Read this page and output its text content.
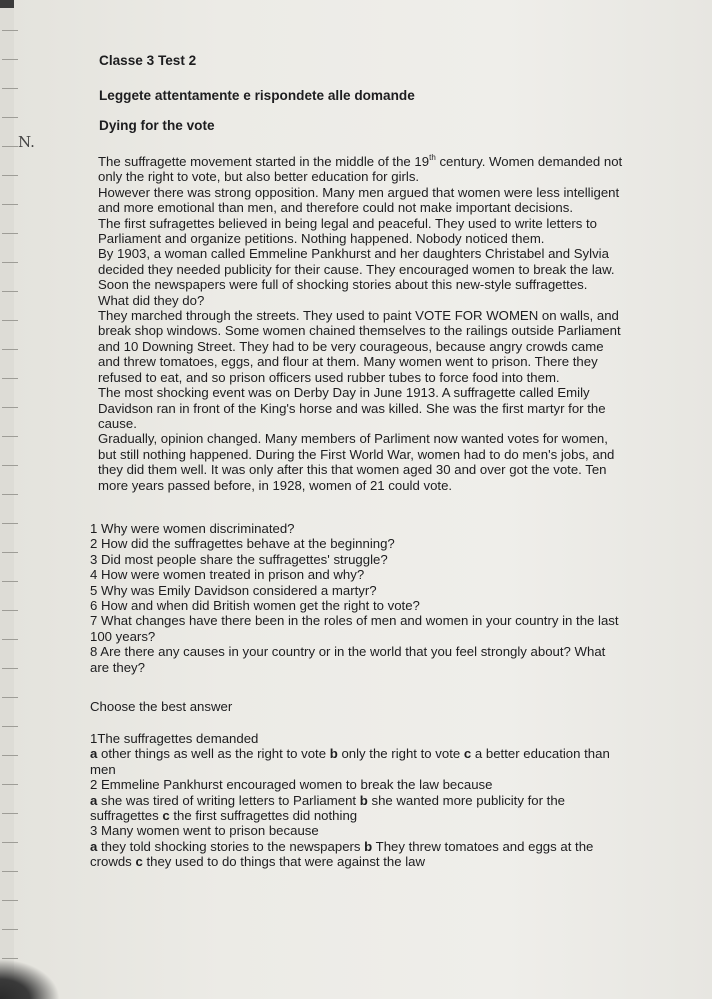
N.
Classe 3 Test 2
Leggete attentamente e rispondete alle domande
Dying for the vote

The suffragette movement started in the middle of the 19th century. Women demanded not

only the right to vote, but also better education for girls.

However there was strong opposition. Many men argued that women were less intelligent

and more emotional than men, and therefore could not make important decisions.

The first sufragettes believed in being legal and peaceful. They used to write letters to

Parliament and organize petitions. Nothing happened. Nobody noticed them.

By 1903, a woman called Emmeline Pankhurst and her daughters Christabel and Sylvia

decided they needed publicity for their cause. They encouraged women to break the law.

Soon the newspapers were full of shocking stories about this new-style suffragettes.

What did they do?

They marched through the streets. They used to paint VOTE FOR WOMEN on walls, and

break shop windows. Some women chained themselves to the railings outside Parliament

and 10 Downing Street. They had to be very courageous, because angry crowds came

and threw tomatoes, eggs, and flour at them. Many women went to prison. There they

refused to eat, and so prison officers used rubber tubes to force food into them.

The most shocking event was on Derby Day in June 1913. A suffragette called Emily

Davidson ran in front of the King's horse and was killed. She was the first martyr for the

cause.

Gradually, opinion changed. Many members of Parliment now wanted votes for women,

but still nothing happened. During the First World War, women had to do men's jobs, and

they did them well. It was only after this that women aged 30 and over got the vote. Ten

more years passed before, in 1928, women of 21 could vote.

1 Why were women discriminated?

2 How did the suffragettes behave at the beginning?

3 Did most people share the suffragettes' struggle?

4 How were women treated in prison and why?

5 Why was Emily Davidson considered a martyr?

6 How and when did British women get the right to vote?

7 What changes have there been in the roles of men and women in your country in the last

100 years?

8 Are there any causes in your country or in the world that you feel strongly about? What

are they?

Choose the best answer

1The suffragettes demanded

a other things as well as the right to vote b only the right to vote c a better education than

men

2 Emmeline Pankhurst encouraged women to break the law because

a she was tired of writing letters to Parliament b she wanted more publicity for the

suffragettes c the first suffragettes did nothing

3 Many women went to prison because

a they told shocking stories to the newspapers b They threw tomatoes and eggs at the

crowds c they used to do things that were against the law
